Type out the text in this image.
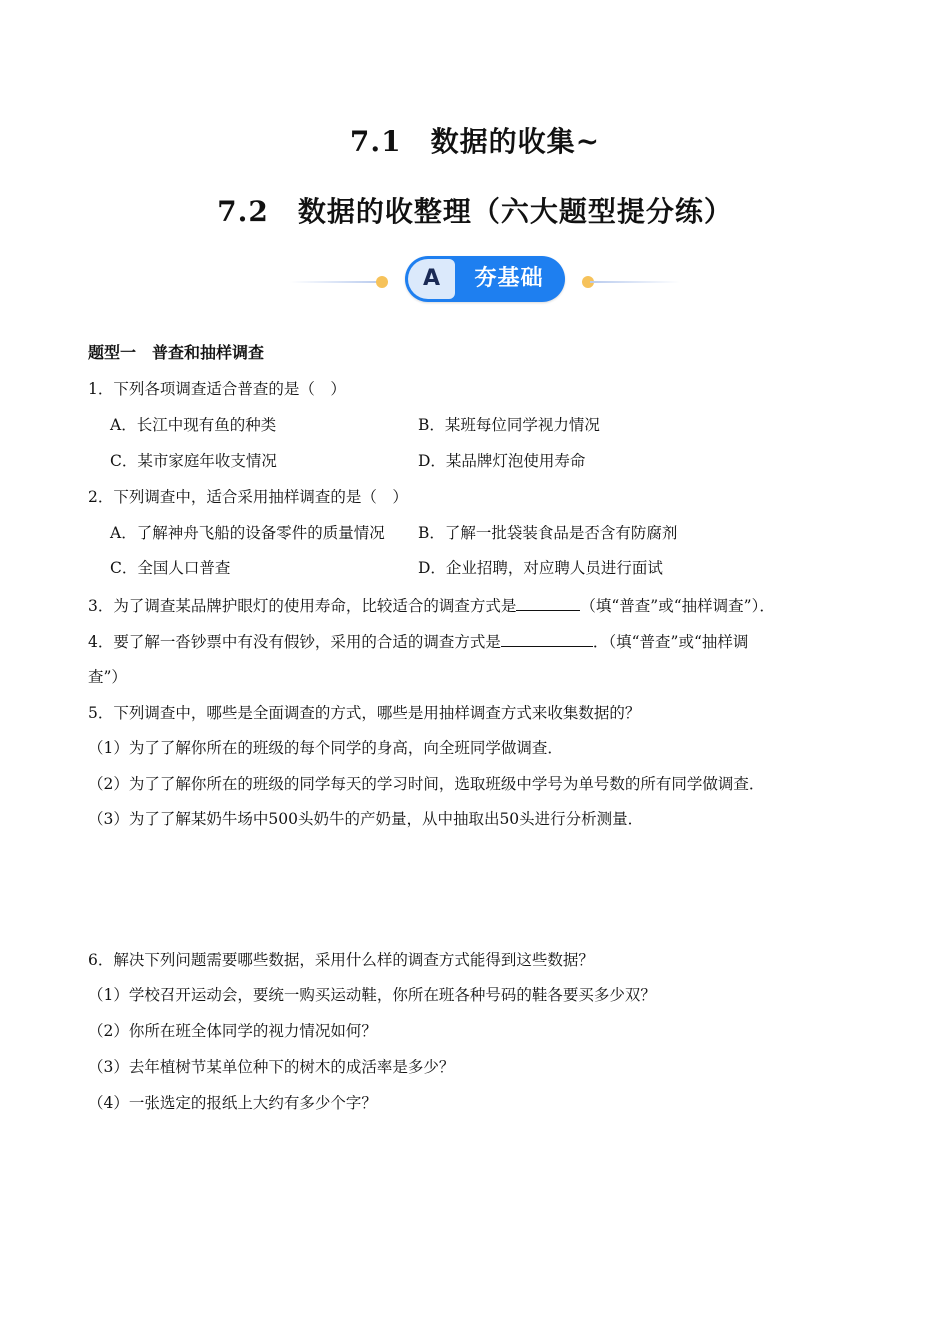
7.1　数据的收集~
7.2　数据的收整理（六大题型提分练）
A	夯基础
题型一　普查和抽样调查
1．下列各项调查适合普查的是（　）
A．长江中现有鱼的种类	B．某班每位同学视力情况
C．某市家庭年收支情况	D．某品牌灯泡使用寿命
2．下列调查中，适合采用抽样调查的是（　）
A．了解神舟飞船的设备零件的质量情况 B．了解一批袋装食品是否含有防腐剂
C．全国人口普查	D．企业招聘，对应聘人员进行面试
3．为了调查某品牌护眼灯的使用寿命，比较适合的调查方式是	（填“普查”或“抽样调查”）．
4．要了解一沓钞票中有没有假钞，采用的合适的调查方式是	．（填“普查”或“抽样调
查”）
5．下列调查中，哪些是全面调查的方式，哪些是用抽样调查方式来收集数据的？
（1）为了了解你所在的班级的每个同学的身高，向全班同学做调查．
（2）为了了解你所在的班级的同学每天的学习时间，选取班级中学号为单号数的所有同学做调查．
（3）为了了解某奶牛场中500头奶牛的产奶量，从中抽取出50头进行分析测量．
6．解决下列问题需要哪些数据，采用什么样的调查方式能得到这些数据？
（1）学校召开运动会，要统一购买运动鞋，你所在班各种号码的鞋各要买多少双？
（2）你所在班全体同学的视力情况如何？
（3）去年植树节某单位种下的树木的成活率是多少？
（4）一张选定的报纸上大约有多少个字？
